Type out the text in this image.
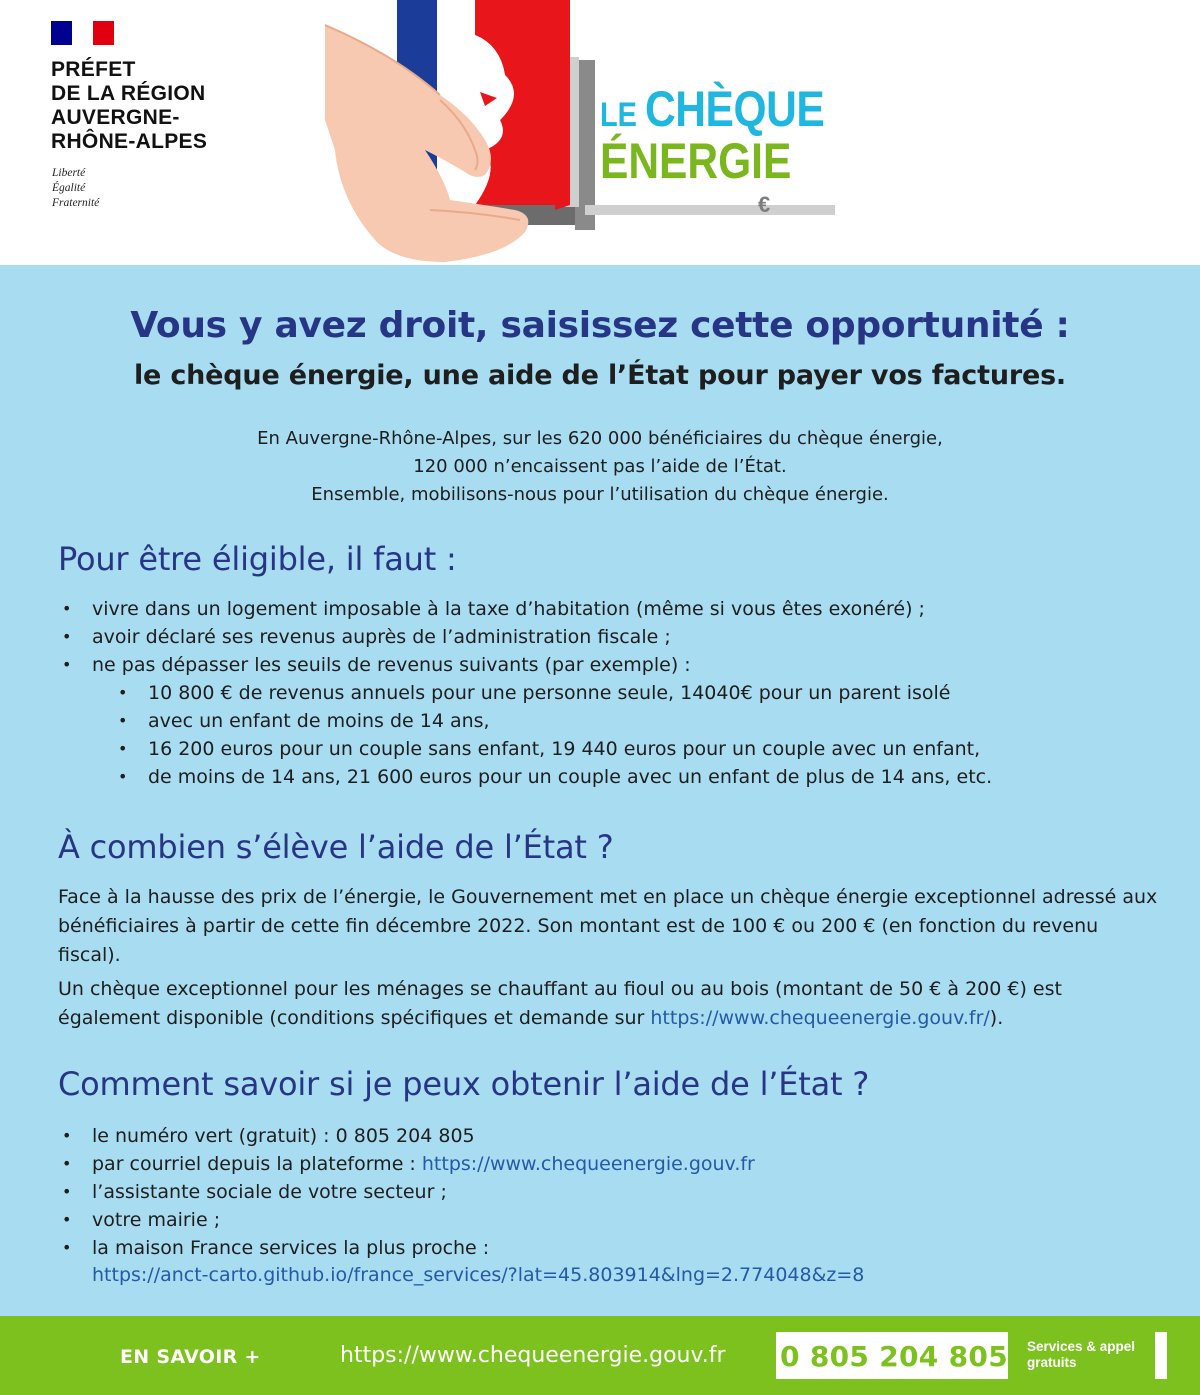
PRÉFET
DE LA RÉGION
AUVERGNE-
RHÔNE-ALPES
Liberté
Égalité
Fraternité
LE CHÈQUE
ÉNERGIE
€
Vous y avez droit, saisissez cette opportunité :
le chèque énergie, une aide de l’État pour payer vos factures.
En Auvergne-Rhône-Alpes, sur les 620 000 bénéficiaires du chèque énergie,
120 000 n’encaissent pas l’aide de l’État.
Ensemble, mobilisons-nous pour l’utilisation du chèque énergie.
Pour être éligible, il faut :
• vivre dans un logement imposable à la taxe d’habitation (même si vous êtes exonéré) ;
• avoir déclaré ses revenus auprès de l’administration fiscale ;
• ne pas dépasser les seuils de revenus suivants (par exemple) :
• 10 800 € de revenus annuels pour une personne seule, 14040€ pour un parent isolé
• avec un enfant de moins de 14 ans,
• 16 200 euros pour un couple sans enfant, 19 440 euros pour un couple avec un enfant,
• de moins de 14 ans, 21 600 euros pour un couple avec un enfant de plus de 14 ans, etc.
À combien s’élève l’aide de l’État ?
Face à la hausse des prix de l’énergie, le Gouvernement met en place un chèque énergie exceptionnel adressé aux bénéficiaires à partir de cette fin décembre 2022. Son montant est de 100 € ou 200 € (en fonction du revenu fiscal).
Un chèque exceptionnel pour les ménages se chauffant au fioul ou au bois (montant de 50 € à 200 €) est également disponible (conditions spécifiques et demande sur https://www.chequeenergie.gouv.fr/).
Comment savoir si je peux obtenir l’aide de l’État ?
• le numéro vert (gratuit) : 0 805 204 805
• par courriel depuis la plateforme : https://www.chequeenergie.gouv.fr
• l’assistante sociale de votre secteur ;
• votre mairie ;
• la maison France services la plus proche :
https://anct-carto.github.io/france_services/?lat=45.803914&lng=2.774048&z=8
EN SAVOIR +	https://www.chequeenergie.gouv.fr 0 805 204 805 Services & appel
gratuits
